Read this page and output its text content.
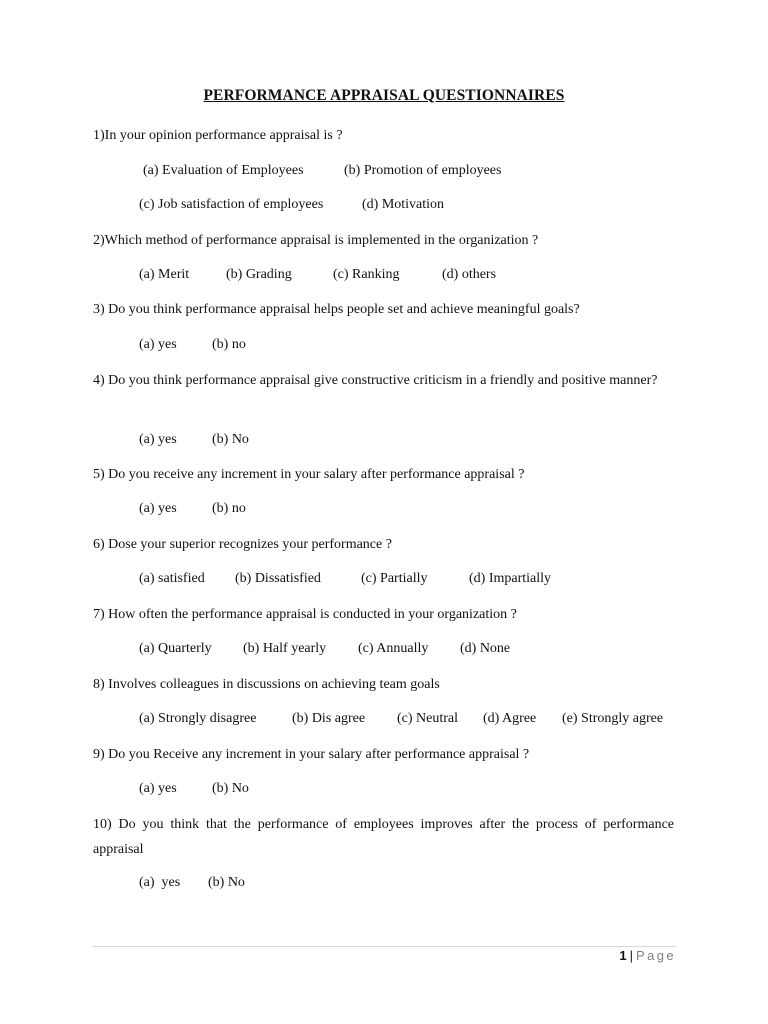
PERFORMANCE APPRAISAL QUESTIONNAIRES
1)In your opinion performance appraisal is ?
(a) Evaluation of Employees	(b) Promotion of employees
(c) Job satisfaction of employees	(d) Motivation
2)Which method of performance appraisal is implemented in the organization ?
(a) Merit	(b) Grading	(c) Ranking	(d) others
3) Do you think performance appraisal helps people set and achieve meaningful goals?
(a) yes	(b) no
4) Do you think performance appraisal give constructive criticism in a friendly and positive manner?
(a) yes	(b) No
5) Do you receive any increment in your salary after performance appraisal ?
(a) yes	(b) no
6) Dose your superior recognizes your performance ?
(a) satisfied (b) Dissatisfied	(c) Partially	(d) Impartially
7) How often the performance appraisal is conducted in your organization ?
(a) Quarterly (b) Half yearly (c) Annually (d) None
8) Involves colleagues in discussions on achieving team goals
(a) Strongly disagree	(b) Dis agree (c) Neutral (d) Agree (e) Strongly agree
9) Do you Receive any increment in your salary after performance appraisal ?
(a) yes	(b) No
10) Do you think that the performance of employees improves after the process of performance appraisal
(a)  yes (b) No
1 | Page
